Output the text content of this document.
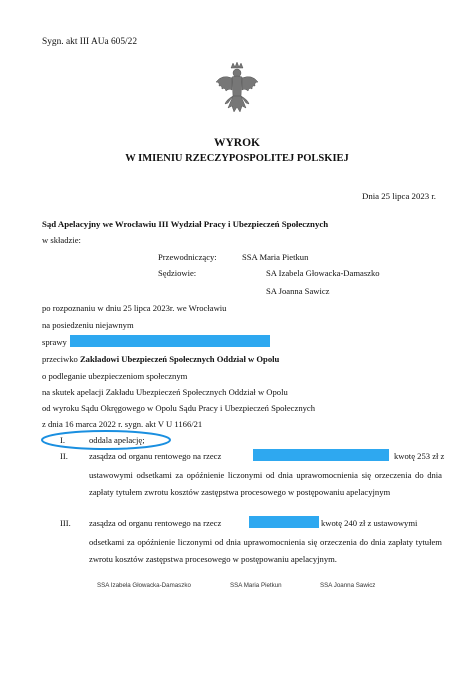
Sygn. akt III AUa 605/22
WYROK
W IMIENIU RZECZYPOSPOLITEJ POLSKIEJ
Dnia 25 lipca 2023 r.
Sąd Apelacyjny we Wrocławiu III Wydział Pracy i Ubezpieczeń Społecznych
w składzie:
Przewodniczący:	SSA Maria Pietkun
Sędziowie:	SA Izabela Głowacka-Damaszko
SA Joanna Sawicz
po rozpoznaniu w dniu 25 lipca 2023r. we Wrocławiu
na posiedzeniu niejawnym
sprawy
przeciwko Zakładowi Ubezpieczeń Społecznych Oddział w Opolu
o podleganie ubezpieczeniom społecznym
na skutek apelacji Zakładu Ubezpieczeń Społecznych Oddział w Opolu
od wyroku Sądu Okręgowego w Opolu Sądu Pracy i Ubezpieczeń Społecznych
z dnia 16 marca 2022 r. sygn. akt V U 1166/21
I.	oddala apelację;
II. zasądza od organu rentowego na rzecz	kwotę 253 zł z
ustawowymi odsetkami za opóźnienie liczonymi od dnia uprawomocnienia się orzeczenia do dnia zapłaty tytułem zwrotu kosztów zastępstwa procesowego w postępowaniu apelacyjnym
III. zasądza od organu rentowego na rzecz	kwotę 240 zł z ustawowymi
odsetkami za opóźnienie liczonymi od dnia uprawomocnienia się orzeczenia do dnia zapłaty tytułem zwrotu kosztów zastępstwa procesowego w postępowaniu apelacyjnym.
SSA Izabela Głowacka-Damaszko	SSA Maria Pietkun	SSA Joanna Sawicz
